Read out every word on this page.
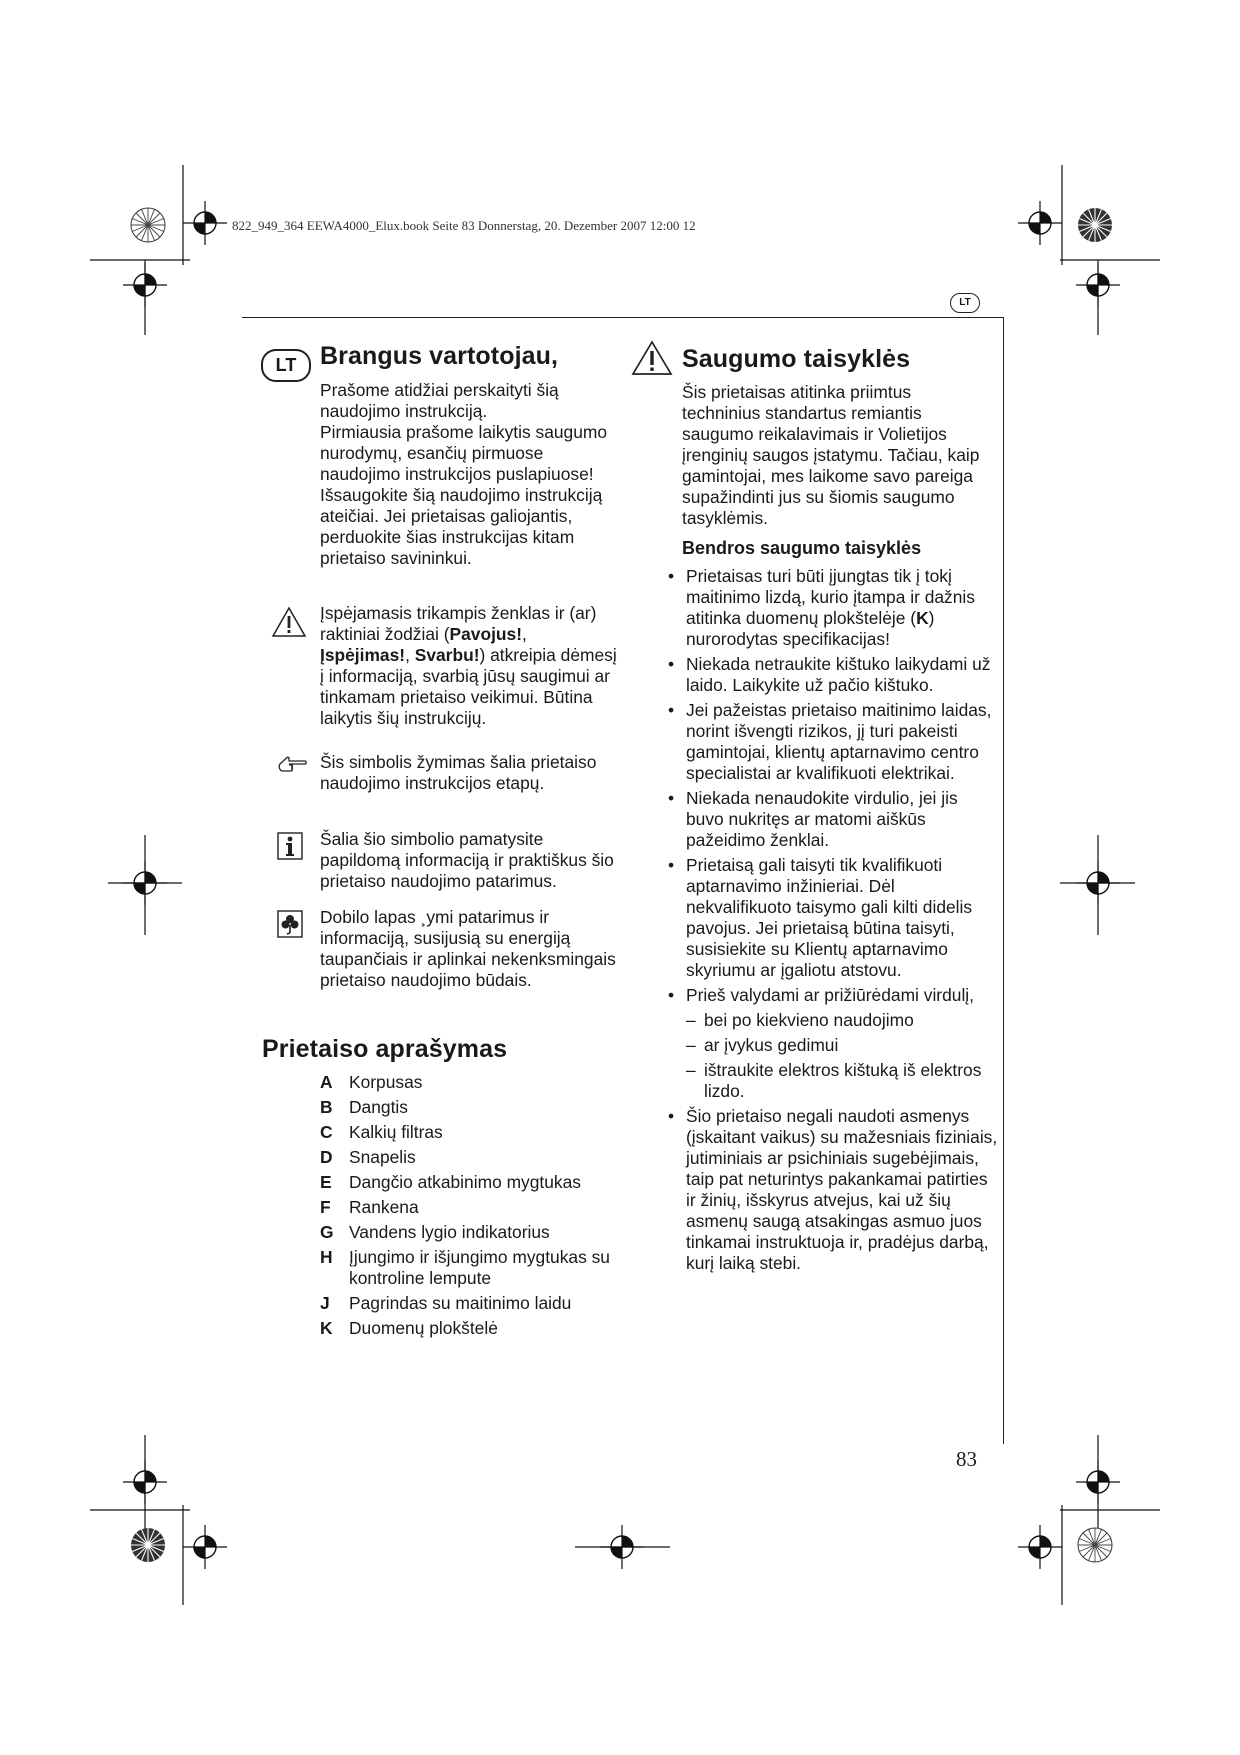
822_949_364 EEWA4000_Elux.book Seite 83 Donnerstag, 20. Dezember 2007 12:00 12
LT
LT Brangus vartotojau,

Prašome atidžiai perskaityti šią naudojimo instrukciją.

Pirmiausia prašome laikytis saugumo nurodymų, esančių pirmuose naudojimo instrukcijos puslapiuose! Išsaugokite šią naudojimo instrukciją ateičiai. Jei prietaisas galiojantis, perduokite šias instrukcijas kitam prietaiso savininkui.

Įspėjamasis trikampis ženklas ir (ar) raktiniai žodžiai (Pavojus!, Įspėjimas!, Svarbu!) atkreipia dėmesį į informaciją, svarbią jūsų saugimui ar tinkamam prietaiso veikimui. Būtina laikytis šių instrukcijų.
Šis simbolis žymimas šalia prietaiso naudojimo instrukcijos etapų.
Šalia šio simbolio pamatysite papildomą informaciją ir praktiškus šio prietaiso naudojimo patarimus.
Dobilo lapas ¸ymi patarimus ir informaciją, susijusią su energiją taupančiais ir aplinkai nekenksmingais prietaiso naudojimo būdais.
Prietaiso aprašymas
A Korpusas
B Dangtis
C Kalkių filtras
D Snapelis
E Dangčio atkabinimo mygtukas
F	Rankena
G Vandens lygio indikatorius
H Įjungimo ir išjungimo mygtukas su kontroline lempute
J	Pagrindas su maitinimo laidu
K Duomenų plokštelė
Saugumo taisyklės
Šis prietaisas atitinka priimtus techninius standartus remiantis saugumo reikalavimais ir Volietijos įrenginių saugos įstatymu. Tačiau, kaip gamintojai, mes laikome savo pareiga supažindinti jus su šiomis saugumo tasyklėmis.
Bendros saugumo taisyklės
• Prietaisas turi būti įjungtas tik į tokį maitinimo lizdą, kurio įtampa ir dažnis atitinka duomenų plokštelėje (K) nurorodytas specifikacijas!
• Niekada netraukite kištuko laikydami už laido. Laikykite už pačio kištuko.
• Jei pažeistas prietaiso maitinimo laidas, norint išvengti rizikos, jį turi pakeisti gamintojai, klientų aptarnavimo centro specialistai ar kvalifikuoti elektrikai.
• Niekada nenaudokite virdulio, jei jis buvo nukritęs ar matomi aiškūs pažeidimo ženklai.
• Prietaisą gali taisyti tik kvalifikuoti aptarnavimo inžinieriai. Dėl nekvalifikuoto taisymo gali kilti didelis pavojus. Jei prietaisą būtina taisyti, susisiekite su Klientų aptarnavimo skyriumu ar įgaliotu atstovu.
• Prieš valydami ar prižiūrėdami virdulį,
– bei po kiekvieno naudojimo
– ar įvykus gedimui
– ištraukite elektros kištuką iš elektros lizdo.
• Šio prietaiso negali naudoti asmenys (įskaitant vaikus) su mažesniais fiziniais, jutiminiais ar psichiniais sugebėjimais, taip pat neturintys pakankamai patirties ir žinių, išskyrus atvejus, kai už šių asmenų saugą atsakingas asmuo juos tinkamai instruktuoja ir, pradėjus darbą, kurį laiką stebi.
83
